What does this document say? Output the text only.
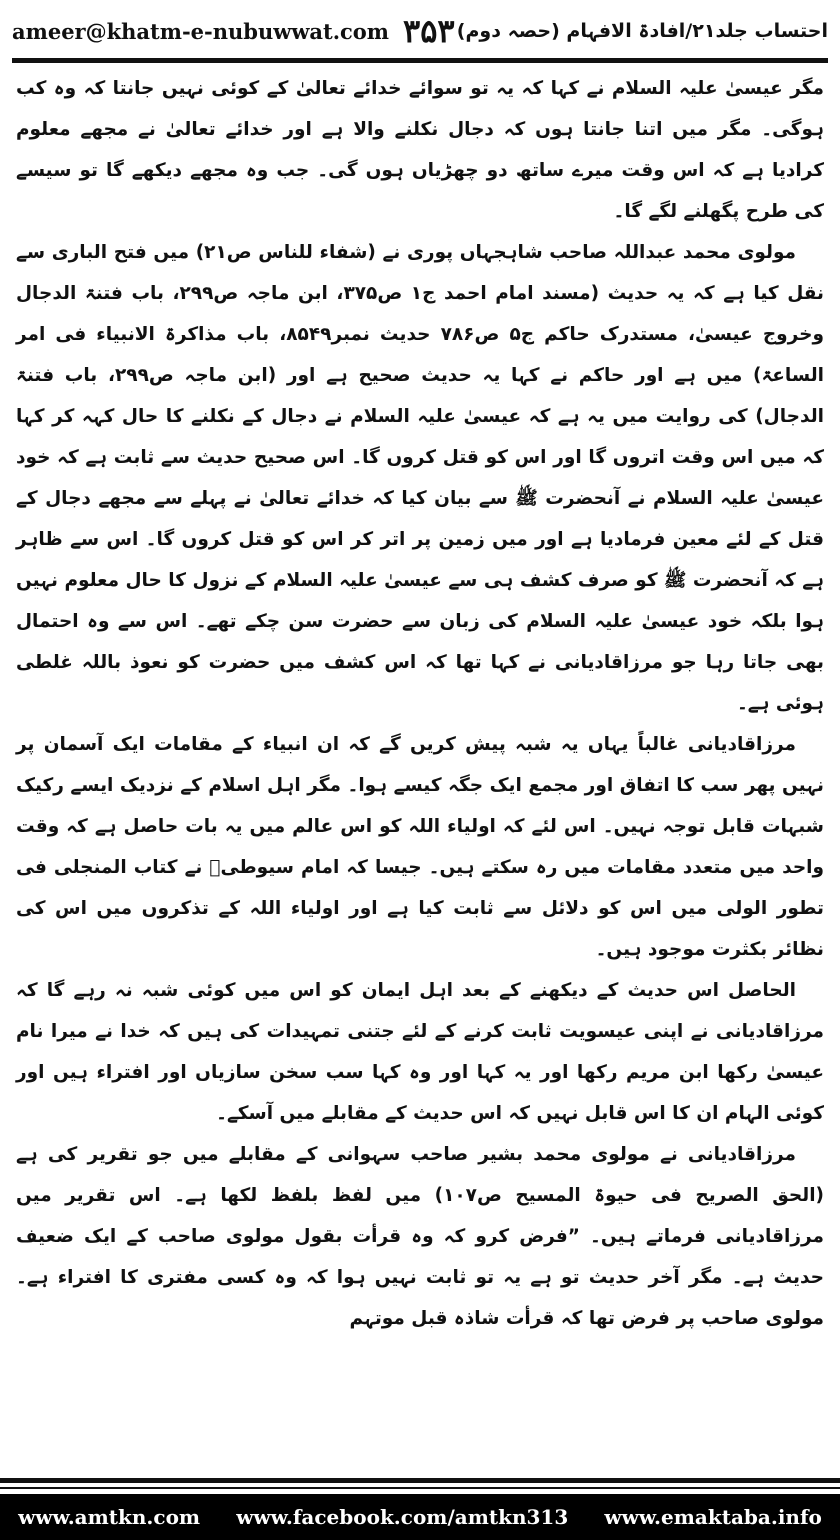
ameer@khatm-e-nubuwwat.com ۳۵۳ احتساب جلد۲۱/افادۃ الافہام (حصہ دوم)

مگر عیسیٰ علیہ السلام نے کہا کہ یہ تو سوائے خدائے تعالیٰ کے کوئی نہیں جانتا کہ وہ کب ہوگی۔ مگر میں اتنا جانتا ہوں کہ دجال نکلنے والا ہے اور خدائے تعالیٰ نے مجھے معلوم کرادیا ہے کہ اس وقت میرے ساتھ دو چھڑیاں ہوں گی۔ جب وہ مجھے دیکھے گا تو سیسے کی طرح پگھلنے لگے گا۔

مولوی محمد عبداللہ صاحب شاہجہاں پوری نے (شفاء للناس ص۲۱) میں فتح الباری سے نقل کیا ہے کہ یہ حدیث (مسند امام احمد ج۱ ص۳۷۵، ابن ماجہ ص۲۹۹، باب فتنۃ الدجال وخروج عیسیٰ، مستدرک حاکم ج۵ ص۷۸۶ حدیث نمبر۸۵۴۹، باب مذاکرۃ الانبیاء فی امر الساعۃ) میں ہے اور حاکم نے کہا یہ حدیث صحیح ہے اور (ابن ماجہ ص۲۹۹، باب فتنۃ الدجال) کی روایت میں یہ ہے کہ عیسیٰ علیہ السلام نے دجال کے نکلنے کا حال کہہ کر کہا کہ میں اس وقت اتروں گا اور اس کو قتل کروں گا۔ اس صحیح حدیث سے ثابت ہے کہ خود عیسیٰ علیہ السلام نے آنحضرت ﷺ سے بیان کیا کہ خدائے تعالیٰ نے پہلے سے مجھے دجال کے قتل کے لئے معین فرمادیا ہے اور میں زمین پر اتر کر اس کو قتل کروں گا۔ اس سے ظاہر ہے کہ آنحضرت ﷺ کو صرف کشف ہی سے عیسیٰ علیہ السلام کے نزول کا حال معلوم نہیں ہوا بلکہ خود عیسیٰ علیہ السلام کی زبان سے حضرت سن چکے تھے۔ اس سے وہ احتمال بھی جاتا رہا جو مرزاقادیانی نے کہا تھا کہ اس کشف میں حضرت کو نعوذ باللہ غلطی ہوئی ہے۔

مرزاقادیانی غالباً یہاں یہ شبہ پیش کریں گے کہ ان انبیاء کے مقامات ایک آسمان پر نہیں پھر سب کا اتفاق اور مجمع ایک جگہ کیسے ہوا۔ مگر اہل اسلام کے نزدیک ایسے رکیک شبہات قابل توجہ نہیں۔ اس لئے کہ اولیاء اللہ کو اس عالم میں یہ بات حاصل ہے کہ وقت واحد میں متعدد مقامات میں رہ سکتے ہیں۔ جیسا کہ امام سیوطیؒ نے کتاب المنجلی فی تطور الولی میں اس کو دلائل سے ثابت کیا ہے اور اولیاء اللہ کے تذکروں میں اس کی نظائر بکثرت موجود ہیں۔

الحاصل اس حدیث کے دیکھنے کے بعد اہل ایمان کو اس میں کوئی شبہ نہ رہے گا کہ مرزاقادیانی نے اپنی عیسویت ثابت کرنے کے لئے جتنی تمہیدات کی ہیں کہ خدا نے میرا نام عیسیٰ رکھا ابن مریم رکھا اور یہ کہا اور وہ کہا سب سخن سازیاں اور افتراء ہیں اور کوئی الہام ان کا اس قابل نہیں کہ اس حدیث کے مقابلے میں آسکے۔

مرزاقادیانی نے مولوی محمد بشیر صاحب سہوانی کے مقابلے میں جو تقریر کی ہے (الحق الصریح فی حیوۃ المسیح ص۱۰۷) میں لفظ بلفظ لکھا ہے۔ اس تقریر میں مرزاقادیانی فرماتے ہیں۔ ”فرض کرو کہ وہ قرأت بقول مولوی صاحب کے ایک ضعیف حدیث ہے۔ مگر آخر حدیث تو ہے یہ تو ثابت نہیں ہوا کہ وہ کسی مفتری کا افتراء ہے۔ مولوی صاحب پر فرض تھا کہ قرأت شاذہ قبل موتہم

www.amtkn.com www.facebook.com/amtkn313 www.emaktaba.info
